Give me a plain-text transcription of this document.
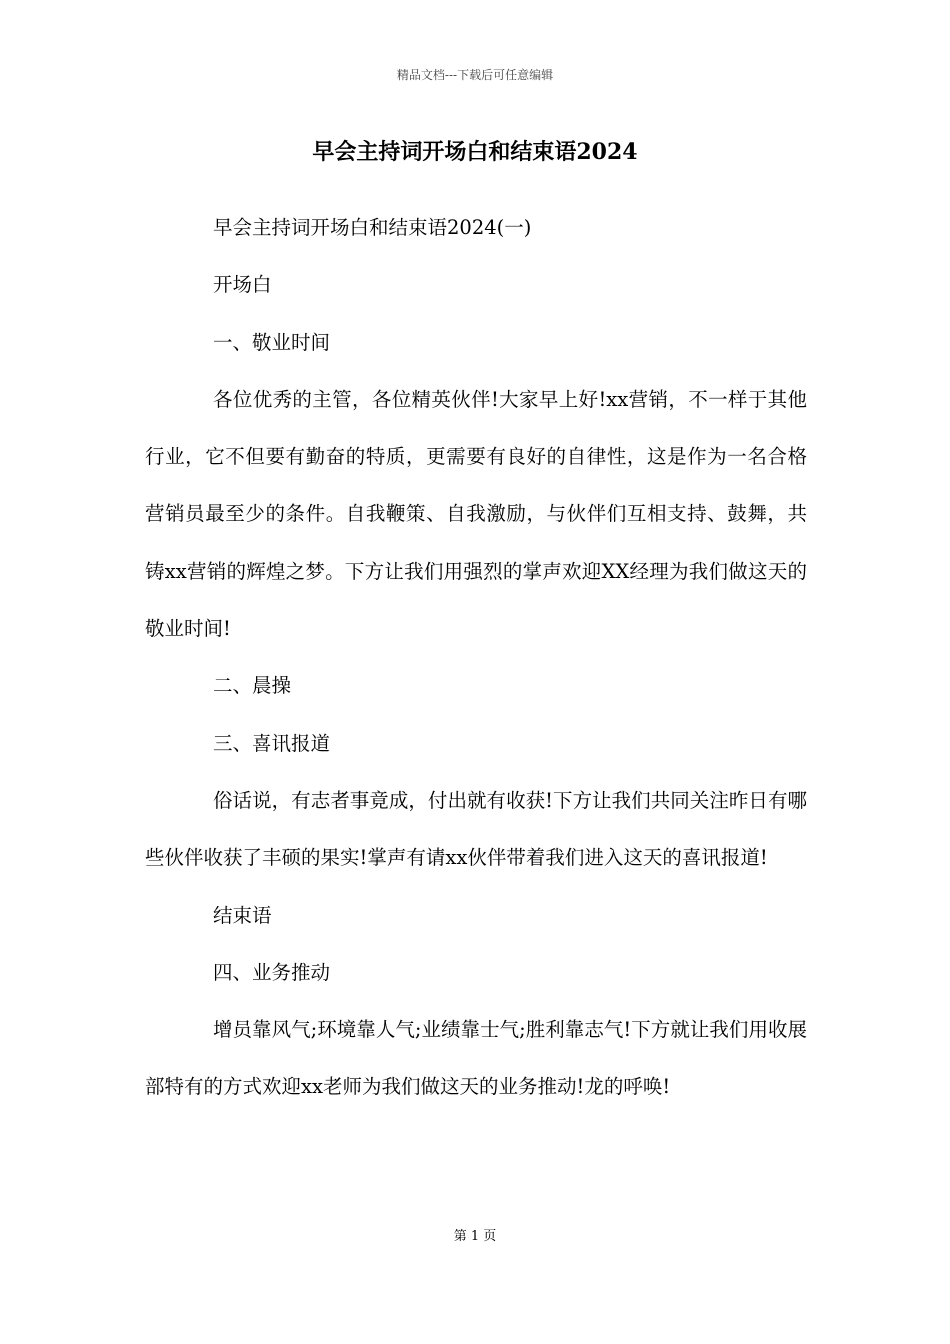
精品文档---下载后可任意编辑
早会主持词开场白和结束语2024

早会主持词开场白和结束语2024(一)

开场白

一、敬业时间

各位优秀的主管，各位精英伙伴!大家早上好!xx营销，不一样于其他行业，它不但要有勤奋的特质，更需要有良好的自律性，这是作为一名合格营销员最至少的条件。自我鞭策、自我激励，与伙伴们互相支持、鼓舞，共铸xx营销的辉煌之梦。下方让我们用强烈的掌声欢迎XX经理为我们做这天的敬业时间!

二、晨操

三、喜讯报道

俗话说，有志者事竟成，付出就有收获!下方让我们共同关注昨日有哪些伙伴收获了丰硕的果实!掌声有请xx伙伴带着我们进入这天的喜讯报道!

结束语

四、业务推动

增员靠风气;环境靠人气;业绩靠士气;胜利靠志气!下方就让我们用收展部特有的方式欢迎xx老师为我们做这天的业务推动!龙的呼唤!

第 1 页
